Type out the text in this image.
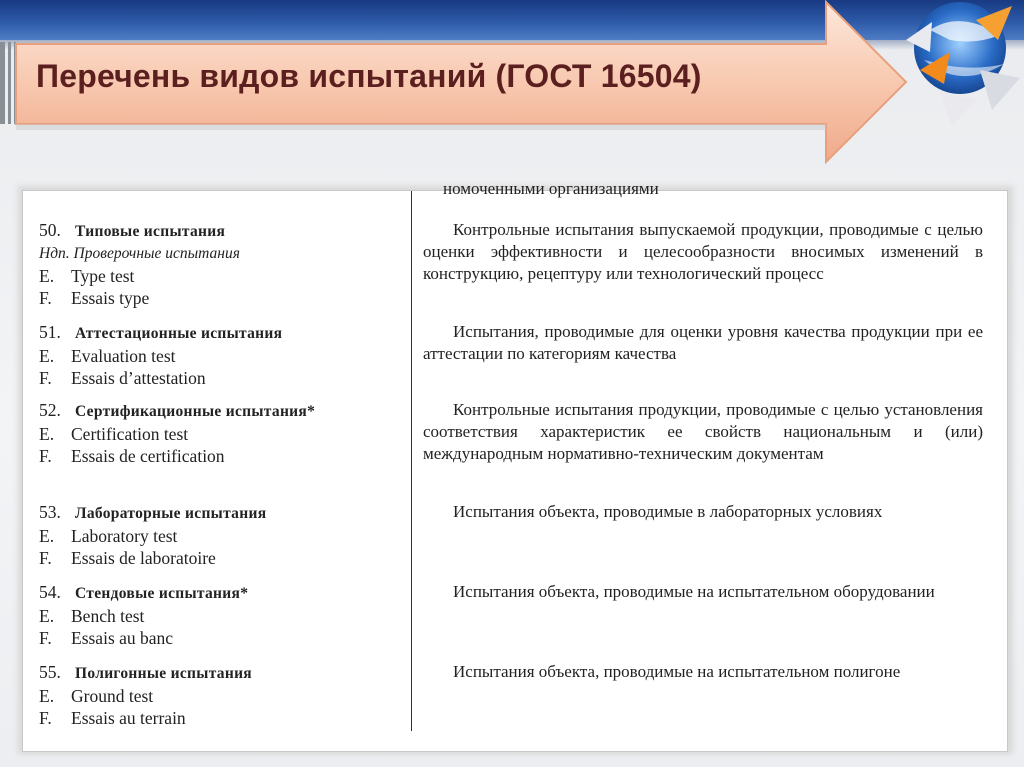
Перечень видов испытаний (ГОСТ 16504)
номоченными организациями
50. Типовые испытания
Ндп. Проверочные испытания
E. Type test
F. Essais type
Контрольные испытания выпускаемой продукции, проводимые с целью оценки эффективности и целесообразности вносимых изменений в конструкцию, рецептуру или технологический процесс
51. Аттестационные испытания
E. Evaluation test
F. Essais d’attestation
Испытания, проводимые для оценки уровня качества продукции при ее аттестации по категориям качества
52. Сертификационные испытания*
E. Certification test
F. Essais de certification
Контрольные испытания продукции, проводимые с целью установления соответствия характеристик ее свойств национальным и (или) международным нормативно-техническим документам
53. Лабораторные испытания
E. Laboratory test
F. Essais de laboratoire
Испытания объекта, проводимые в лабораторных условиях
54. Стендовые испытания*
E. Bench test
F. Essais au banc
Испытания объекта, проводимые на испытательном оборудовании
55. Полигонные испытания
E. Ground test
F. Essais au terrain
Испытания объекта, проводимые на испытательном полигоне
